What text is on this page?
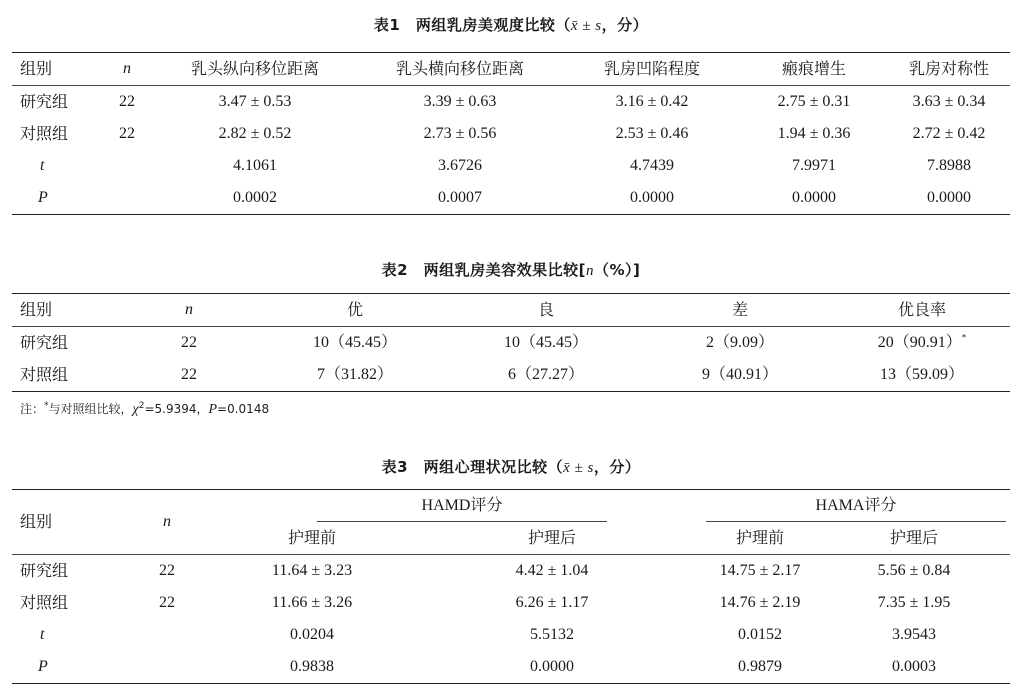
表1　两组乳房美观度比较（x̄ ± s，分）
组别	n	乳头纵向移位距离	乳头横向移位距离	乳房凹陷程度	瘢痕增生	乳房对称性
研究组	22	3.47 ± 0.53	3.39 ± 0.63	3.16 ± 0.42	2.75 ± 0.31	3.63 ± 0.34
对照组	22	2.82 ± 0.52	2.73 ± 0.56	2.53 ± 0.46	1.94 ± 0.36	2.72 ± 0.42
t		4.1061	3.6726	4.7439	7.9971	7.8988
P		0.0002	0.0007	0.0000	0.0000	0.0000
表2　两组乳房美容效果比较[n（%）]
组别	n	优	良	差	优良率
研究组	22	10（45.45）	10（45.45）	2（9.09）	20（90.91）*
对照组	22	7（31.82）	6（27.27）	9（40.91）	13（59.09）
注：*与对照组比较，$\chi^2=5.9394$，P=0.0148
表3　两组心理状况比较（x̄ ± s，分）
组别	n	HAMD评分		HAMA评分	
		护理前	护理后	护理前	护理后
研究组	22	11.64 ± 3.23	4.42 ± 1.04	14.75 ± 2.17	5.56 ± 0.84
对照组	22	11.66 ± 3.26	6.26 ± 1.17	14.76 ± 2.19	7.35 ± 1.95
t		0.0204	5.5132	0.0152	3.9543
P		0.9838	0.0000	0.9879	0.0003
